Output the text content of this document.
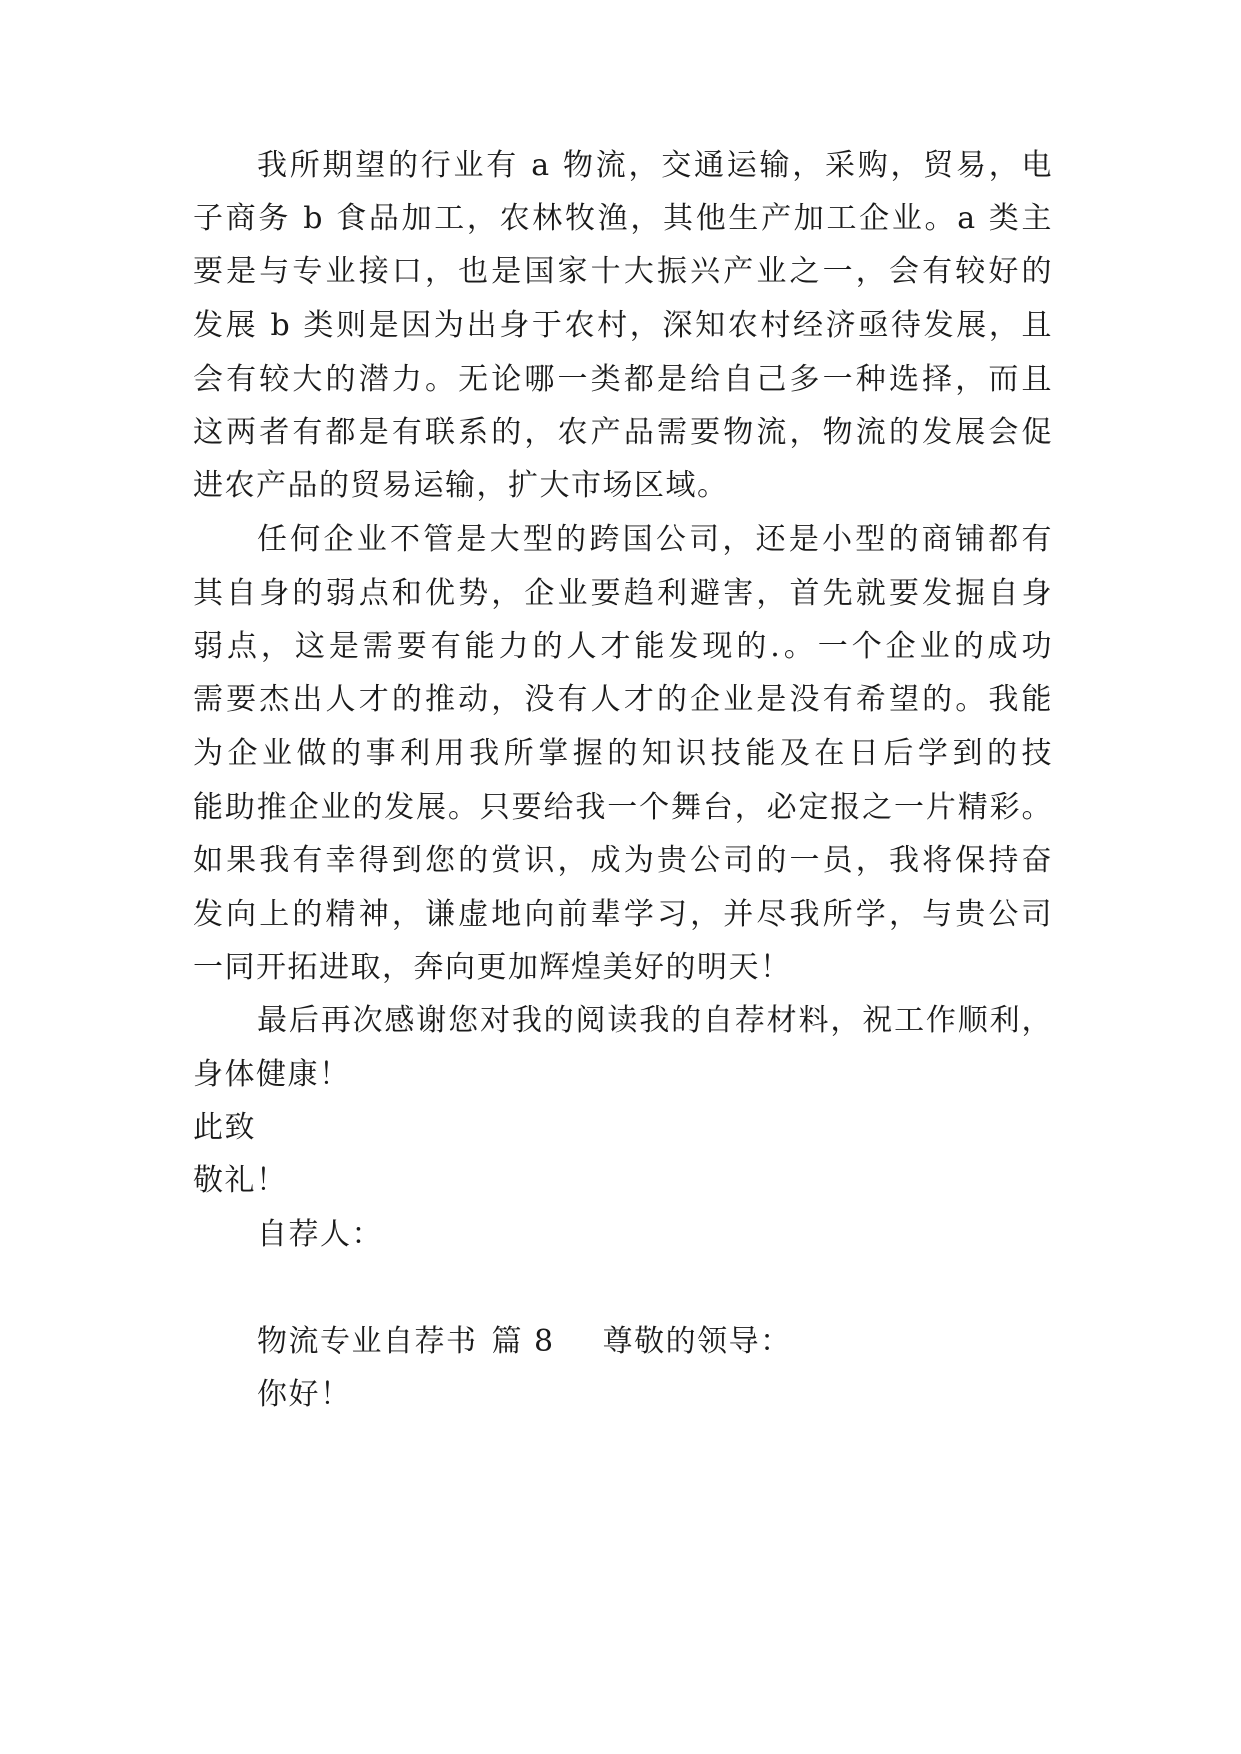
我所期望的行业有 a 物流，交通运输，采购，贸易，电
子商务 b 食品加工，农林牧渔，其他生产加工企业。a 类主
要是与专业接口，也是国家十大振兴产业之一，会有较好的
发展 b 类则是因为出身于农村，深知农村经济亟待发展，且
会有较大的潜力。无论哪一类都是给自己多一种选择，而且
这两者有都是有联系的，农产品需要物流，物流的发展会促
进农产品的贸易运输，扩大市场区域。
任何企业不管是大型的跨国公司，还是小型的商铺都有
其自身的弱点和优势，企业要趋利避害，首先就要发掘自身
弱点，这是需要有能力的人才能发现的.。一个企业的成功
需要杰出人才的推动，没有人才的企业是没有希望的。我能
为企业做的事利用我所掌握的知识技能及在日后学到的技
能助推企业的发展。只要给我一个舞台，必定报之一片精彩。
如果我有幸得到您的赏识，成为贵公司的一员，我将保持奋
发向上的精神，谦虚地向前辈学习，并尽我所学，与贵公司
一同开拓进取，奔向更加辉煌美好的明天！
最后再次感谢您对我的阅读我的自荐材料，祝工作顺利，
身体健康！
此致
敬礼！
自荐人：
物流专业自荐书 篇 8 尊敬的领导：
你好！
